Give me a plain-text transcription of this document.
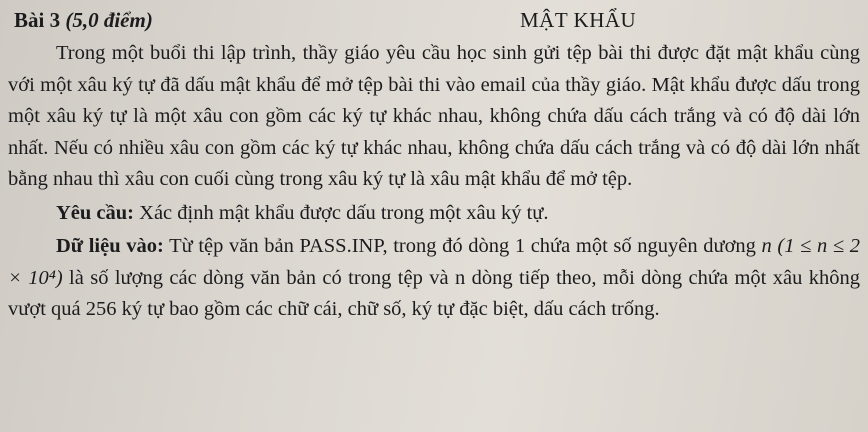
Bài 3 (5,0 điểm)	MẬT KHẨU

Trong một buổi thi lập trình, thầy giáo yêu cầu học sinh gửi tệp bài thi được đặt mật khẩu cùng với một xâu ký tự đã dấu mật khẩu để mở tệp bài thi vào email của thầy giáo. Mật khẩu được dấu trong một xâu ký tự là một xâu con gồm các ký tự khác nhau, không chứa dấu cách trắng và có độ dài lớn nhất. Nếu có nhiều xâu con gồm các ký tự khác nhau, không chứa dấu cách trắng và có độ dài lớn nhất bằng nhau thì xâu con cuối cùng trong xâu ký tự là xâu mật khẩu để mở tệp.

Yêu cầu: Xác định mật khẩu được dấu trong một xâu ký tự.

Dữ liệu vào: Từ tệp văn bản PASS.INP, trong đó dòng 1 chứa một số nguyên dương n (1 ≤ n ≤ 2 × 10⁴) là số lượng các dòng văn bản có trong tệp và n dòng tiếp theo, mỗi dòng chứa một xâu không vượt quá 256 ký tự bao gồm các chữ cái, chữ số, ký tự đặc biệt, dấu cách trống.
